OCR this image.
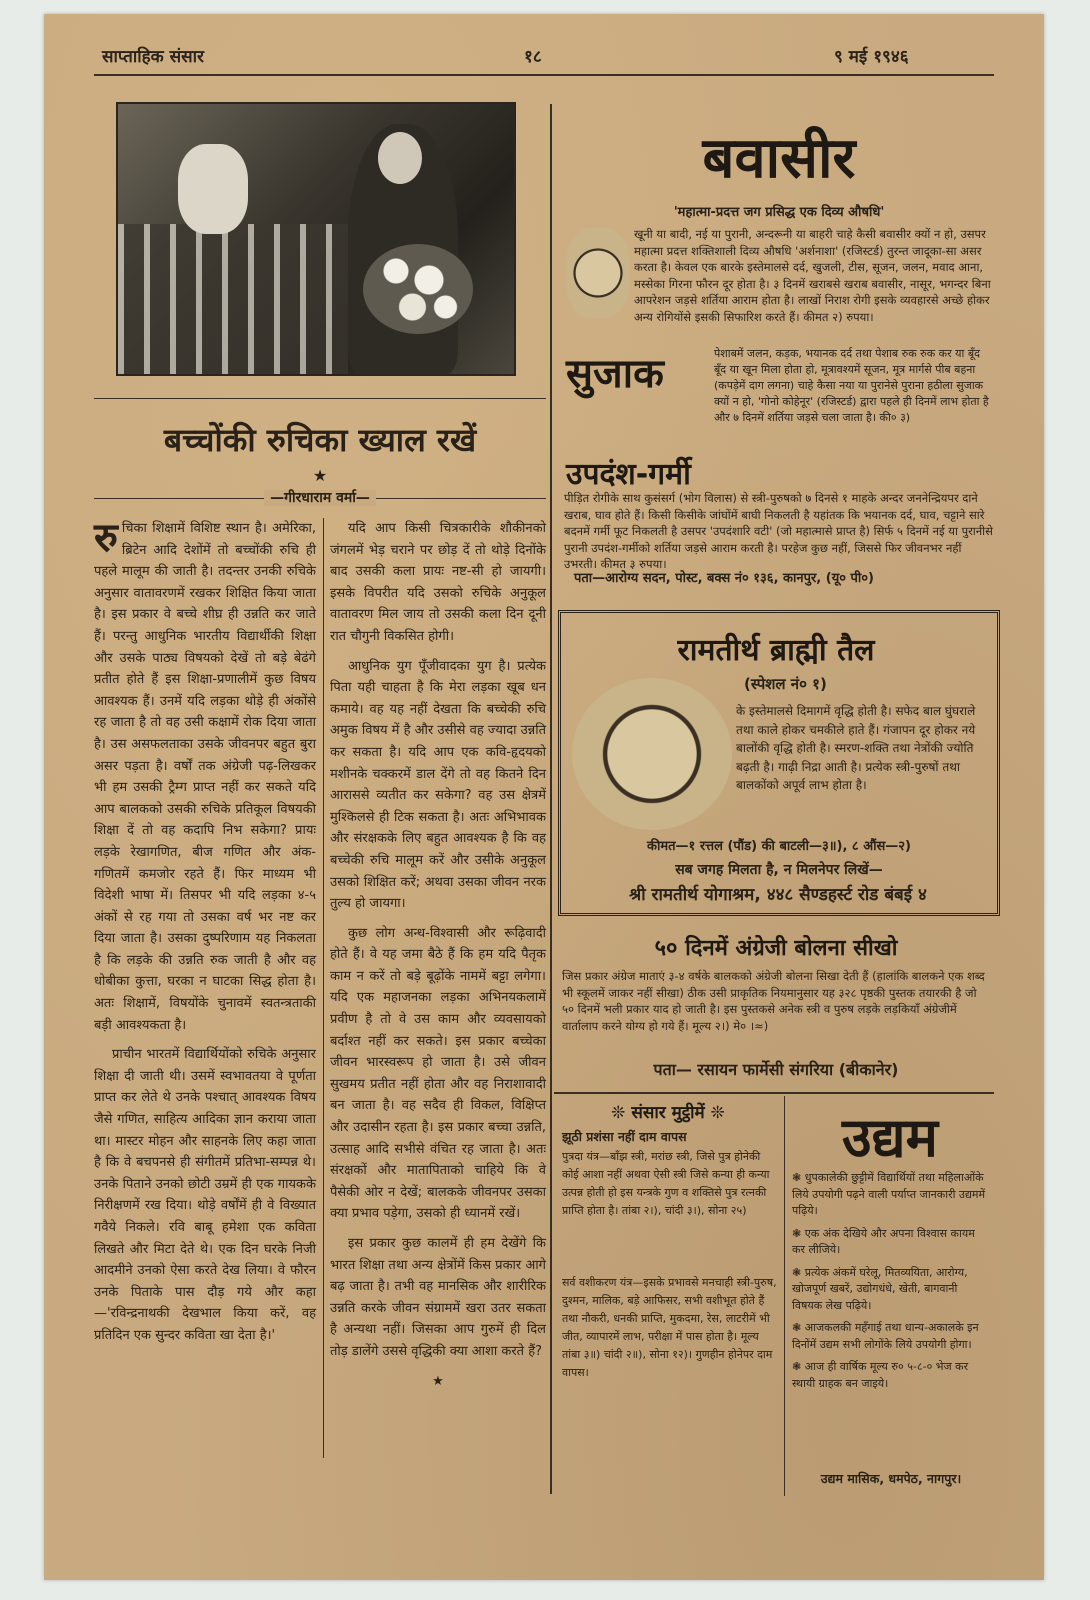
साप्ताहिक संसार	१८	९ मई १९४६
बच्चोंकी रुचिका ख्याल रखें
★
—गीरधाराम वर्मा—

रुचिका शिक्षामें विशिष्ट स्थान है। अमेरिका, ब्रिटेन आदि देशोंमें तो बच्चोंकी रुचि ही पहले मालूम की जाती है। तदन्तर उनकी रुचिके अनुसार वातावरणमें रखकर शिक्षित किया जाता है। इस प्रकार वे बच्चे शीघ्र ही उन्नति कर जाते हैं। परन्तु आधुनिक भारतीय विद्यार्थीकी शिक्षा और उसके पाठ्य विषयको देखें तो बड़े बेढंगे प्रतीत होते हैं इस शिक्षा-प्रणालीमें कुछ विषय आवश्यक हैं। उनमें यदि लड़का थोड़े ही अंकोंसे रह जाता है तो वह उसी कक्षामें रोक दिया जाता है। उस असफलताका उसके जीवनपर बहुत बुरा असर पड़ता है। वर्षों तक अंग्रेजी पढ़-लिखकर भी हम उसकी ट्रैम्ग प्राप्त नहीं कर सकते यदि आप बालकको उसकी रुचिके प्रतिकूल विषयकी शिक्षा दें तो वह कदापि निभ सकेगा? प्रायः लड़के रेखागणित, बीज गणित और अंक-गणितमें कमजोर रहते हैं। फिर माध्यम भी विदेशी भाषा में। तिसपर भी यदि लड़का ४-५ अंकों से रह गया तो उसका वर्ष भर नष्ट कर दिया जाता है। उसका दुष्परिणाम यह निकलता है कि लड़के की उन्नति रुक जाती है और वह धोबीका कुत्ता, घरका न घाटका सिद्ध होता है। अतः शिक्षामें, विषयोंके चुनावमें स्वतन्त्रताकी बड़ी आवश्यकता है।

प्राचीन भारतमें विद्यार्थियोंको रुचिके अनुसार शिक्षा दी जाती थी। उसमें स्वभावतया वे पूर्णता प्राप्त कर लेते थे उनके पश्चात् आवश्यक विषय जैसे गणित, साहित्य आदिका ज्ञान कराया जाता था। मास्टर मोहन और साहनके लिए कहा जाता है कि वे बचपनसे ही संगीतमें प्रतिभा-सम्पन्न थे। उनके पिताने उनको छोटी उम्रमें ही एक गायकके निरीक्षणमें रख दिया। थोड़े वर्षोंमें ही वे विख्यात गवैये निकले। रवि बाबू हमेशा एक कविता लिखते और मिटा देते थे। एक दिन घरके निजी आदमीने उनको ऐसा करते देख लिया। वे फौरन उनके पिताके पास दौड़ गये और कहा—'रविन्द्रनाथकी देखभाल किया करें, वह प्रतिदिन एक सुन्दर कविता खा देता है।'

यदि आप किसी चित्रकारीके शौकीनको जंगलमें भेड़ चराने पर छोड़ दें तो थोड़े दिनोंके बाद उसकी कला प्रायः नष्ट-सी हो जायगी। इसके विपरीत यदि उसको रुचिके अनुकूल वातावरण मिल जाय तो उसकी कला दिन दूनी रात चौगुनी विकसित होगी।

आधुनिक युग पूँजीवादका युग है। प्रत्येक पिता यही चाहता है कि मेरा लड़का खूब धन कमाये। वह यह नहीं देखता कि बच्चेकी रुचि अमुक विषय में है और उसीसे वह ज्यादा उन्नति कर सकता है। यदि आप एक कवि-हृदयको मशीनके चक्करमें डाल देंगे तो वह कितने दिन आराससे व्यतीत कर सकेगा? वह उस क्षेत्रमें मुश्किलसे ही टिक सकता है। अतः अभिभावक और संरक्षकके लिए बहुत आवश्यक है कि वह बच्चेकी रुचि मालूम करें और उसीके अनुकूल उसको शिक्षित करें; अथवा उसका जीवन नरक तुल्य हो जायगा।

कुछ लोग अन्ध-विश्वासी और रूढ़िवादी होते हैं। वे यह जमा बैठे हैं कि हम यदि पैतृक काम न करें तो बड़े बूढ़ोंके नाममें बट्टा लगेगा। यदि एक महाजनका लड़का अभिनयकलामें प्रवीण है तो वे उस काम और व्यवसायको बर्दाश्त नहीं कर सकते। इस प्रकार बच्चेका जीवन भारस्वरूप हो जाता है। उसे जीवन सुखमय प्रतीत नहीं होता और वह निराशावादी बन जाता है। वह सदैव ही विकल, विक्षिप्त और उदासीन रहता है। इस प्रकार बच्चा उन्नति, उत्साह आदि सभीसे वंचित रह जाता है। अतः संरक्षकों और मातापिताको चाहिये कि वे पैसेकी ओर न देखें; बालकके जीवनपर उसका क्या प्रभाव पड़ेगा, उसको ही ध्यानमें रखें।

इस प्रकार कुछ कालमें ही हम देखेंगे कि भारत शिक्षा तथा अन्य क्षेत्रोंमें किस प्रकार आगे बढ़ जाता है। तभी वह मानसिक और शारीरिक उन्नति करके जीवन संग्राममें खरा उतर सकता है अन्यथा नहीं। जिसका आप गुरुमें ही दिल तोड़ डालेंगे उससे वृद्धिकी क्या आशा करते हैं?

★
बवासीर
'महात्मा-प्रदत्त जग प्रसिद्ध एक दिव्य औषधि'
खूनी या बादी, नई या पुरानी, अन्दरूनी या बाहरी चाहे कैसी बवासीर क्यों न हो, उसपर महात्मा प्रदत्त शक्तिशाली दिव्य औषधि 'अर्शनाशा' (रजिस्टर्ड) तुरन्त जादूका-सा असर करता है। केवल एक बारके इस्तेमालसे दर्द, खुजली, टीस, सूजन, जलन, मवाद आना, मस्सेका गिरना फौरन दूर होता है। ३ दिनमें खराबसे खराब बवासीर, नासूर, भगन्दर बिना आपरेशन जड़से शर्तिया आराम होता है। लाखों निराश रोगी इसके व्यवहारसे अच्छे होकर अन्य रोगियोंसे इसकी सिफारिश करते हैं। कीमत २) रुपया।
सुजाक	पेशाबमें जलन, कड़क, भयानक दर्द तथा पेशाब रुक रुक कर या बूँद बूँद या खून मिला होता हो, मूत्रावश्यमें सूजन, मूत्र मार्गसे पीब बहना (कपड़ेमें दाग लगना) चाहे कैसा नया या पुरानेसे पुराना हठीला सुजाक क्यों न हो, 'गोनो कोहेनूर' (रजिस्टर्ड) द्वारा पहले ही दिनमें लाभ होता है और ७ दिनमें शर्तिया जड़से चला जाता है। की० ३)
उपदंश-गर्मी
पीड़ित रोगीके साथ कुसंसर्ग (भोग विलास) से स्त्री-पुरुषको ७ दिनसे १ माहके अन्दर जननेन्द्रियपर दाने खराब, घाव होते हैं। किसी किसीके जांघोंमें बाघी निकलती है यहांतक कि भयानक दर्द, घाव, चट्टाने सारे बदनमें गर्मी फूट निकलती है उसपर 'उपदंशारि वटी' (जो महात्मासे प्राप्त है) सिर्फ ५ दिनमें नई या पुरानीसे पुरानी उपदंश-गर्मीको शर्तिया जड़से आराम करती है। परहेज कुछ नहीं, जिससे फिर जीवनभर नहीं उभरती। कीमत ३ रुपया।
पता—आरोग्य सदन, पोस्ट, बक्स नं० १३६, कानपुर, (यू० पी०)
रामतीर्थ ब्राह्मी तैल
(स्पेशल नं० १)
के इस्तेमालसे दिमागमें वृद्धि होती है। सफेद बाल घुंघराले तथा काले होकर चमकीले हाते हैं। गंजापन दूर होकर नये बालोंकी वृद्धि होती है। स्मरण-शक्ति तथा नेत्रोंकी ज्योति बढ़ती है। गाढ़ी निद्रा आती है। प्रत्येक स्त्री-पुरुषों तथा बालकोंको अपूर्व लाभ होता है।
कीमत—१ रत्तल (पौंड) की बाटली—३॥), ८ औंस—२)
सब जगह मिलता है, न मिलनेपर लिखें—
श्री रामतीर्थ योगाश्रम, ४४८ सैण्डहर्स्ट रोड बंबई ४
५० दिनमें अंग्रेजी बोलना सीखो
जिस प्रकार अंग्रेज माताएं ३-४ वर्षके बालकको अंग्रेजी बोलना सिखा देती हैं (हालांकि बालकने एक शब्द भी स्कूलमें जाकर नहीं सीखा) ठीक उसी प्राकृतिक नियमानुसार यह ३२८ पृष्ठकी पुस्तक तयारकी है जो ५० दिनमें भली प्रकार याद हो जाती है। इस पुस्तकसे अनेक स्त्री व पुरुष लड़के लड़कियाँ अंग्रेजीमें वार्तालाप करने योग्य हो गये हैं। मूल्य २।) मे० ।≈)
पता— रसायन फार्मेसी संगरिया (बीकानेर)
❊ संसार मुट्ठीमें ❊
झूठी प्रशंसा नहीं दाम वापस
पुत्रदा यंत्र—बाँझ स्त्री, मरांछ स्त्री, जिसे पुत्र होनेकी कोई आशा नहीं अथवा ऐसी स्त्री जिसे कन्या ही कन्या उत्पन्न होती हो इस यन्त्रके गुण व शक्तिसे पुत्र रत्नकी प्राप्ति होता है। तांबा २।), चांदी ३।), सोना २५)
सर्व वशीकरण यंत्र—इसके प्रभावसे मनचाही स्त्री-पुरुष, दुश्मन, मालिक, बड़े आफिसर, सभी वशीभूत होते हैं तथा नौकरी, धनकी प्राप्ति, मुकदमा, रेस, लाटरीमें भी जीत, व्यापारमें लाभ, परीक्षा में पास होता है। मूल्य तांबा ३॥) चांदी २॥), सोना १२)। गुणहीन होनेपर दाम वापस।
उद्यम
❃ धुपकालेकी छुट्टीमें विद्यार्थियों तथा महिलाओंके लिये उपयोगी पढ़ने वाली पर्याप्त जानकारी उद्यममें पढ़िये।
❃ एक अंक देखिये और अपना विश्वास कायम कर लीजिये।
❃ प्रत्येक अंकमें घरेलू, मितव्ययिता, आरोग्य, खोजपूर्ण खबरें, उद्योगधंधे, खेती, बागवानी विषयक लेख पढ़िये।
❃ आजकलकी महँगाई तथा धान्य-अकालके इन दिनोंमें उद्यम सभी लोगोंके लिये उपयोगी होगा।
❃ आज ही वार्षिक मूल्य रु० ५-८-० भेज कर स्थायी ग्राहक बन जाइये।
उद्यम मासिक, धमपेठ, नागपुर।
